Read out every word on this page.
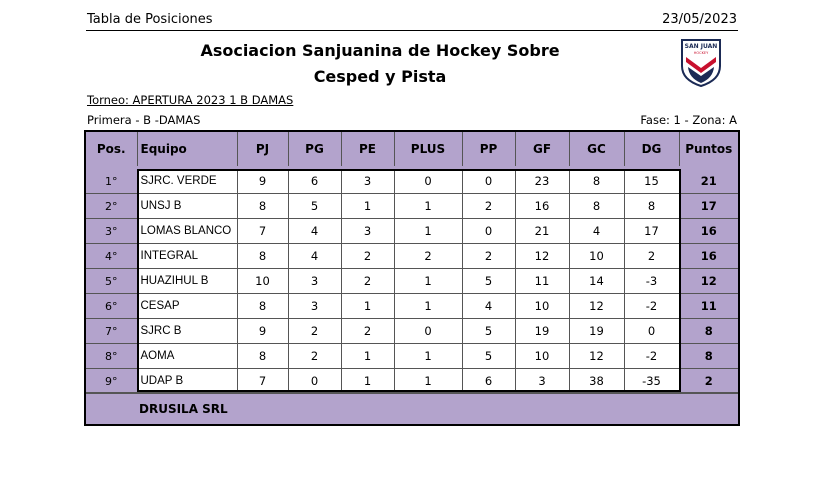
Tabla de Posiciones	23/05/2023
Asociacion Sanjuanina de Hockey Sobre
Cesped y Pista
SAN JUAN
HOCKEY
Torneo: APERTURA 2023 1 B DAMAS
Primera - B -DAMAS	Fase: 1 - Zona: A
Pos.	Equipo	PJ	PG	PE	PLUS	PP	GF	GC	DG	Puntos

1°	SJRC. VERDE	9	6	3	0	0	23	8	15	21
2°	UNSJ B	8	5	1	1	2	16	8	8	17
3°	LOMAS BLANCO	7	4	3	1	0	21	4	17	16
4°	INTEGRAL	8	4	2	2	2	12	10	2	16
5°	HUAZIHUL B	10	3	2	1	5	11	14	-3	12
6°	CESAP	8	3	1	1	4	10	12	-2	11
7°	SJRC B	9	2	2	0	5	19	19	0	8
8°	AOMA	8	2	1	1	5	10	12	-2	8
9°	UDAP B	7	0	1	1	6	3	38	-35	2
DRUSILA SRL
